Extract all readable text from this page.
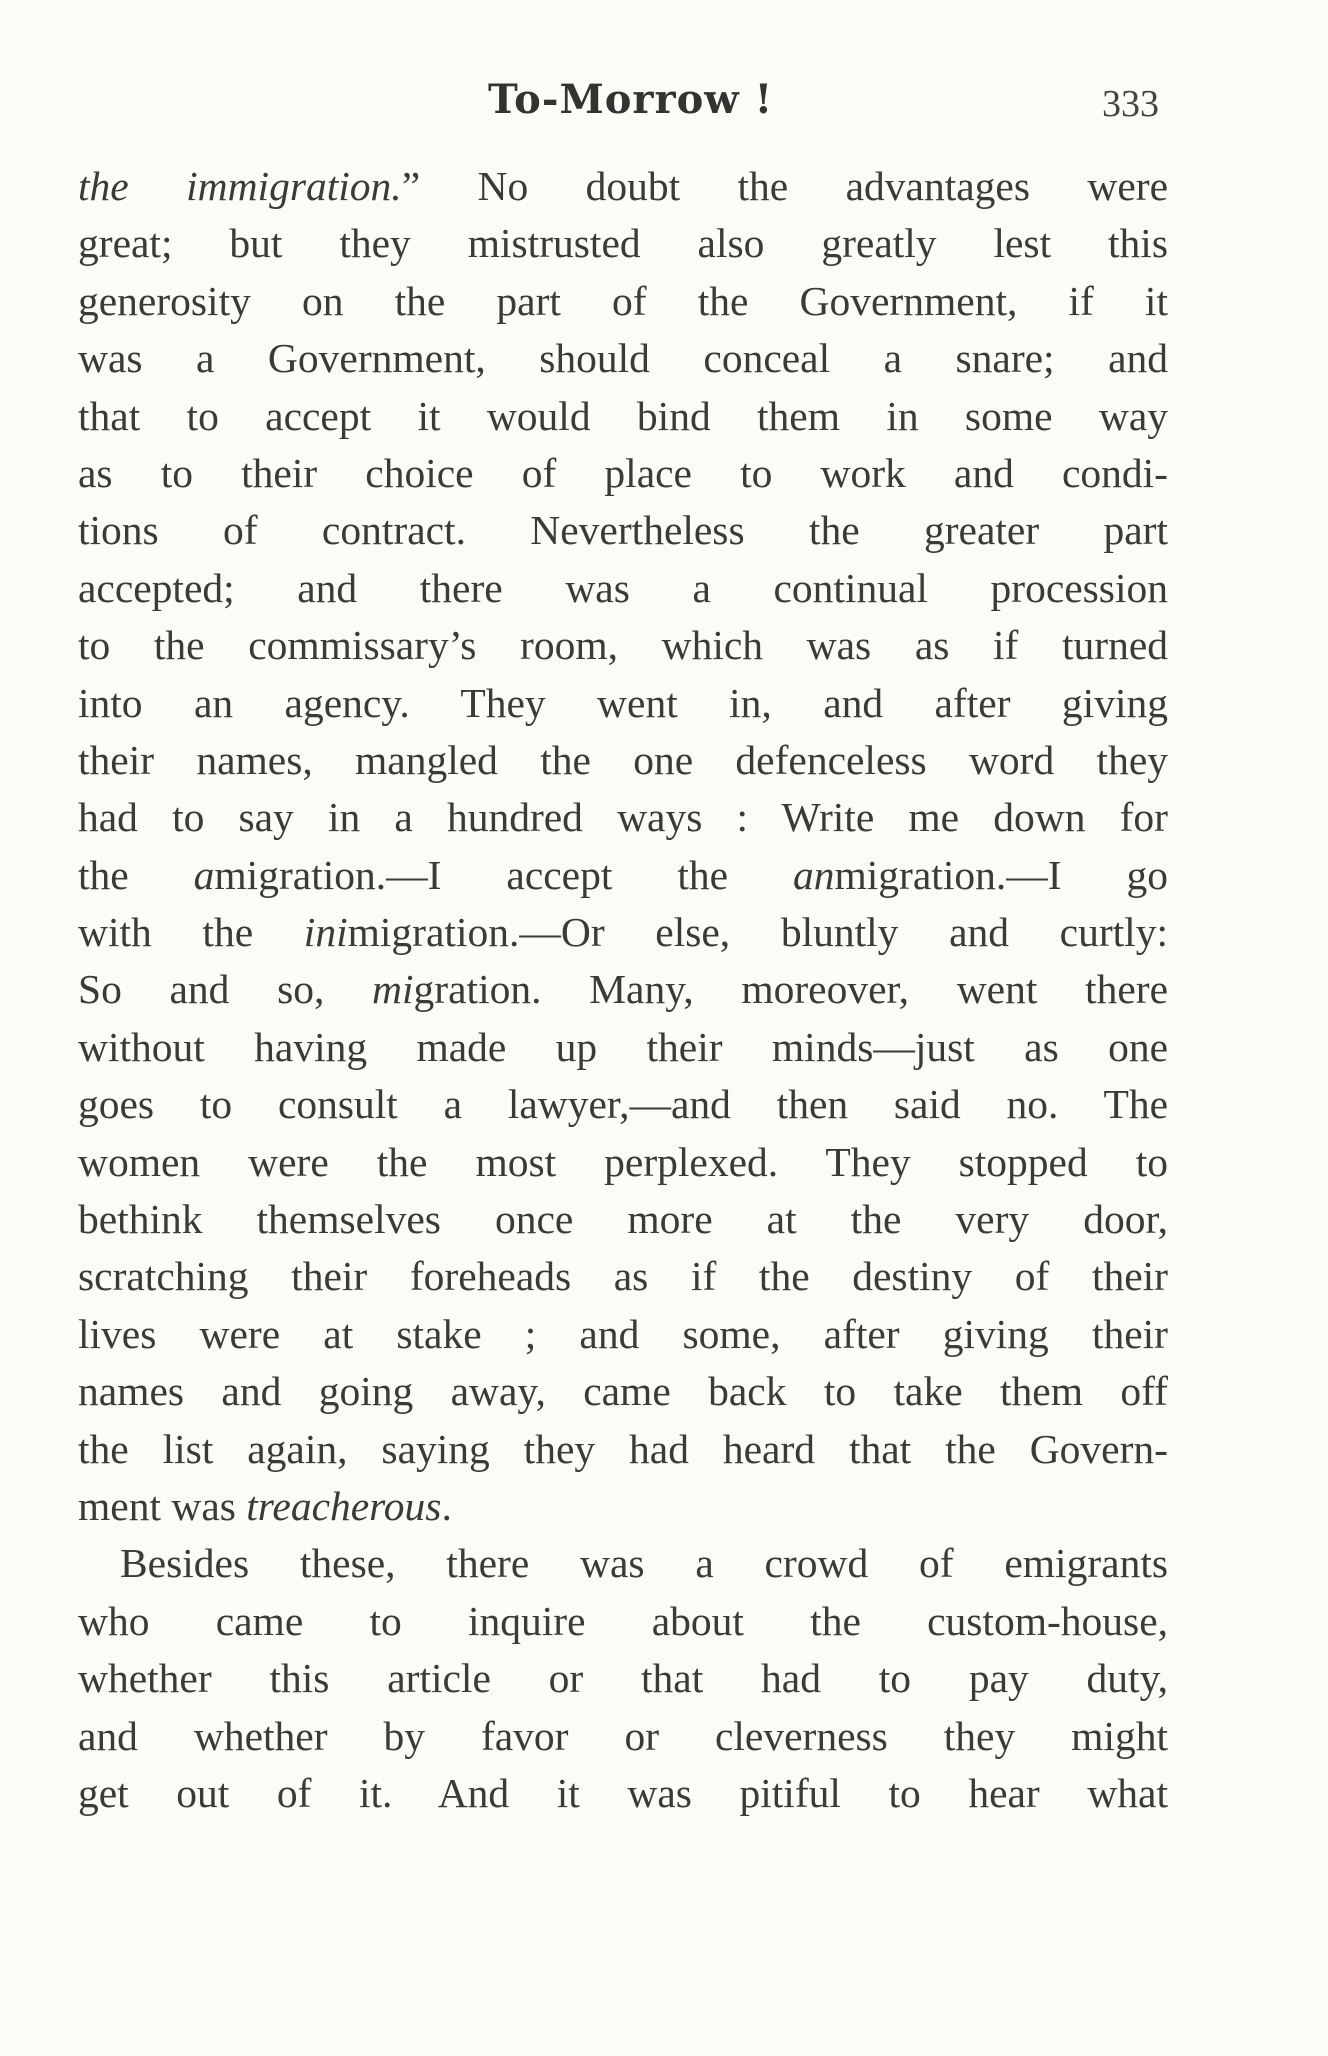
To-Morrow !	333
the immigration.” No doubt the advantages were
great; but they mistrusted also greatly lest this
generosity on the part of the Government, if it
was a Government, should conceal a snare; and
that to accept it would bind them in some way
as to their choice of place to work and condi-
tions of contract. Nevertheless the greater part
accepted; and there was a continual procession
to the commissary’s room, which was as if turned
into an agency. They went in, and after giving
their names, mangled the one defenceless word they
had to say in a hundred ways : Write me down for
the amigration.—I accept the anmigration.—I go
with the inimigration.—Or else, bluntly and curtly:
So and so, migration. Many, moreover, went there
without having made up their minds—just as one
goes to consult a lawyer,—and then said no. The
women were the most perplexed. They stopped to
bethink themselves once more at the very door,
scratching their foreheads as if the destiny of their
lives were at stake ; and some, after giving their
names and going away, came back to take them off
the list again, saying they had heard that the Govern-
ment was treacherous.
Besides these, there was a crowd of emigrants
who came to inquire about the custom-house,
whether this article or that had to pay duty,
and whether by favor or cleverness they might
get out of it. And it was pitiful to hear what
